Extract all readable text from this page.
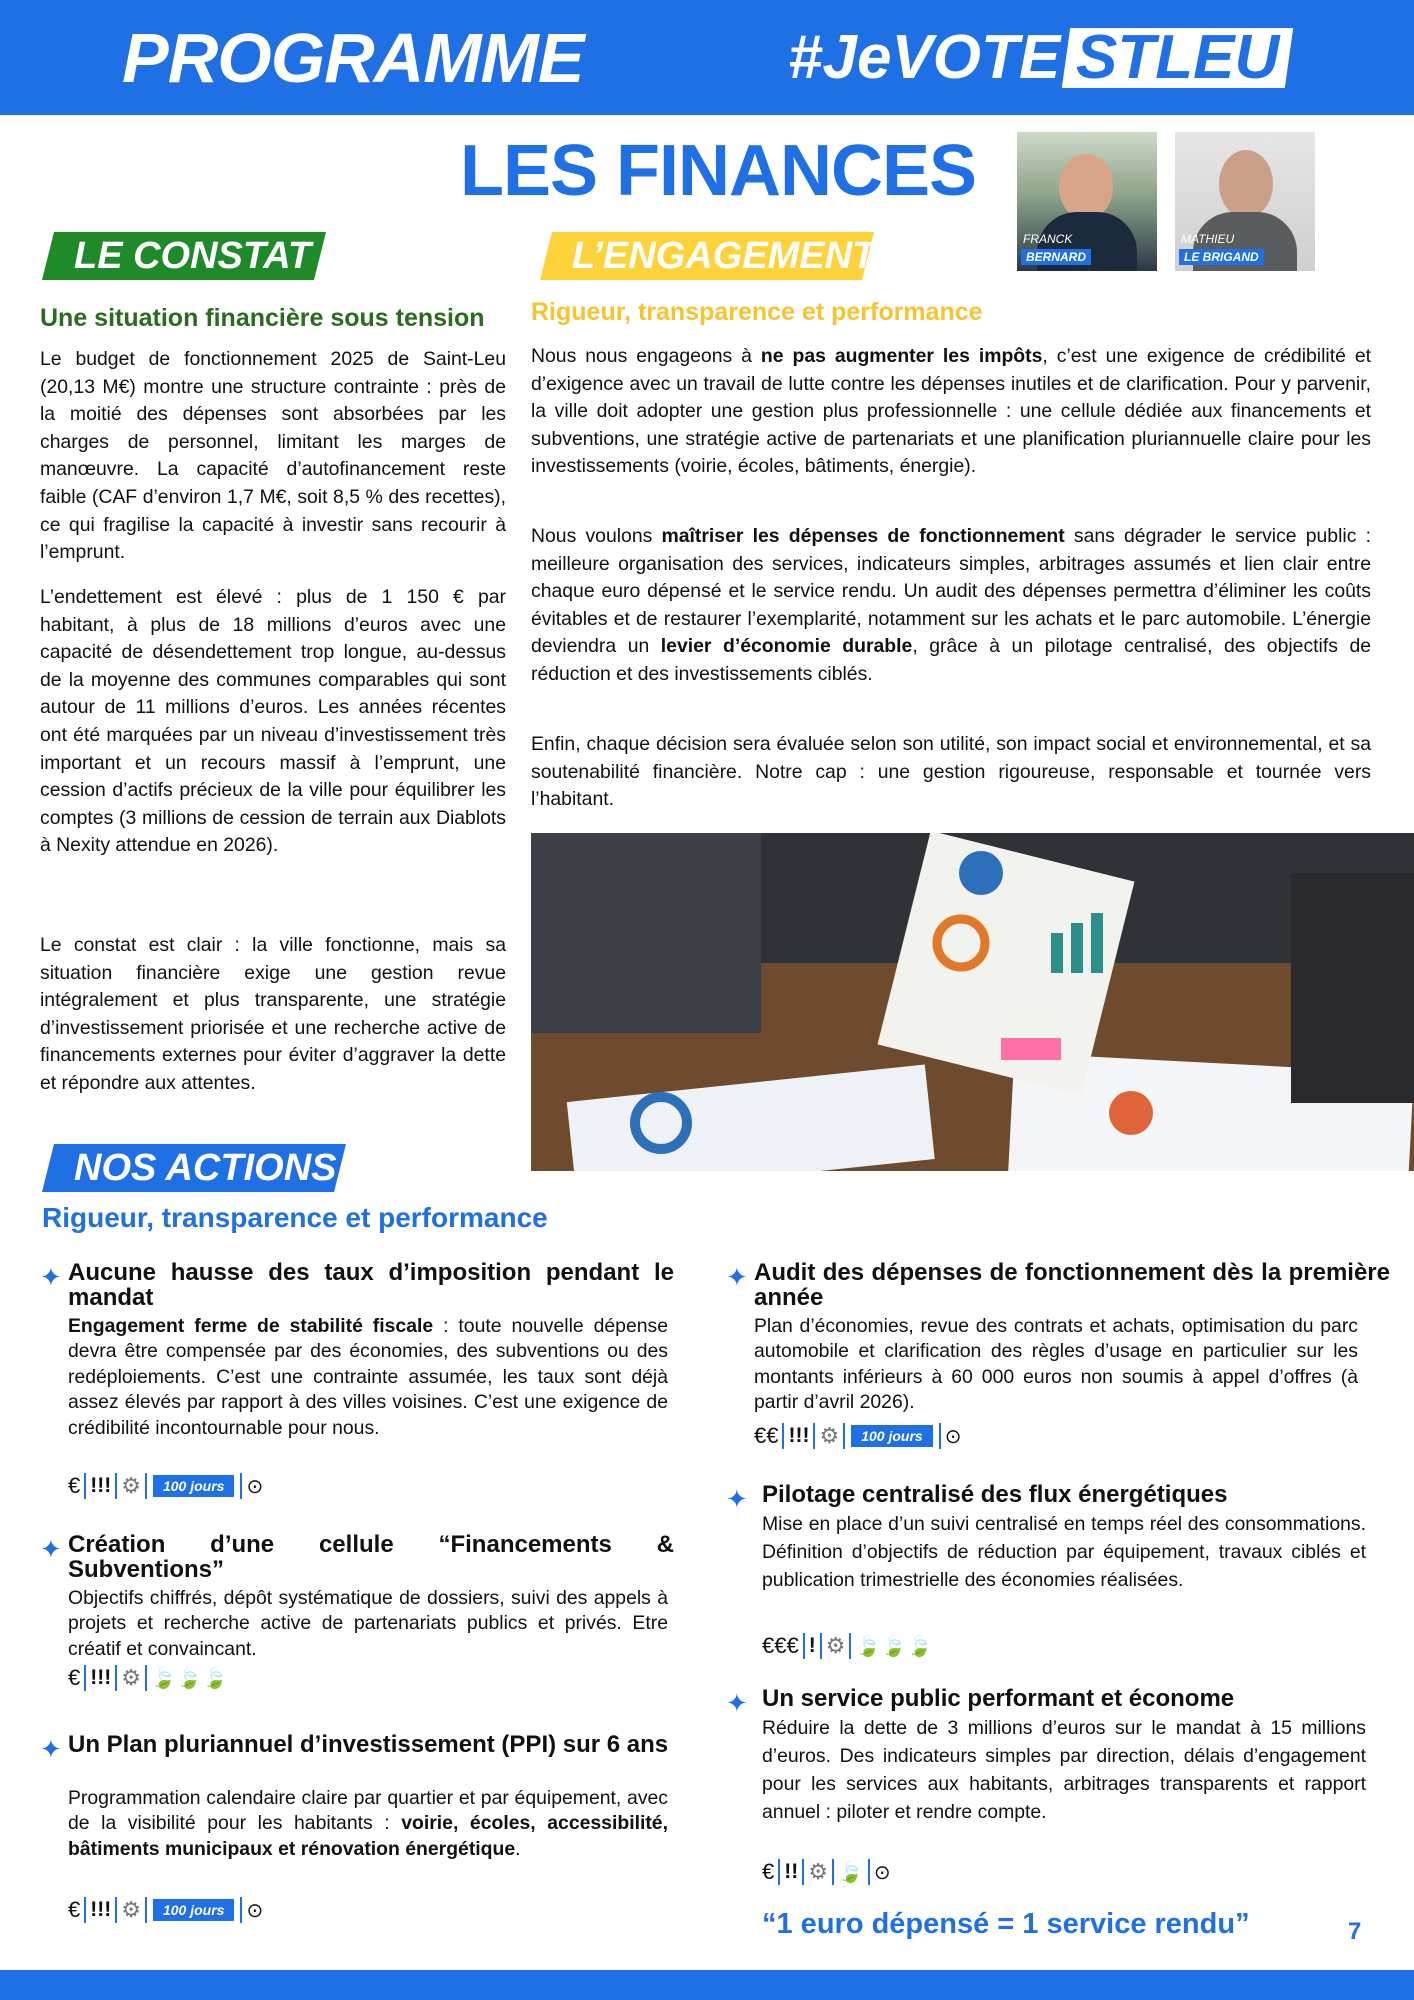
PROGRAMME	#JeVOTE STLEU
LES FINANCES
FRANCK
BERNARD
MATHIEU
LE BRIGAND
LE CONSTAT
Une situation financière sous tension
Le budget de fonctionnement 2025 de Saint-Leu (20,13 M€) montre une structure contrainte : près de la moitié des dépenses sont absorbées par les charges de personnel, limitant les marges de manœuvre. La capacité d’autofinancement reste faible (CAF d’environ 1,7 M€, soit 8,5 % des recettes), ce qui fragilise la capacité à investir sans recourir à l’emprunt.
L’endettement est élevé : plus de 1 150 € par habitant, à plus de 18 millions d’euros avec une capacité de désendettement trop longue, au-dessus de la moyenne des communes comparables qui sont autour de 11 millions d’euros. Les années récentes ont été marquées par un niveau d’investissement très important et un recours massif à l’emprunt, une cession d’actifs précieux de la ville pour équilibrer les comptes (3 millions de cession de terrain aux Diablots à Nexity attendue en 2026).
Le constat est clair : la ville fonctionne, mais sa situation financière exige une gestion revue intégralement et plus transparente, une stratégie d’investissement priorisée et une recherche active de financements externes pour éviter d’aggraver la dette et répondre aux attentes.
L’ENGAGEMENT
Rigueur, transparence et performance
Nous nous engageons à ne pas augmenter les impôts, c’est une exigence de crédibilité et d’exigence avec un travail de lutte contre les dépenses inutiles et de clarification. Pour y parvenir, la ville doit adopter une gestion plus professionnelle : une cellule dédiée aux financements et subventions, une stratégie active de partenariats et une planification pluriannuelle claire pour les investissements (voirie, écoles, bâtiments, énergie).
Nous voulons maîtriser les dépenses de fonctionnement sans dégrader le service public : meilleure organisation des services, indicateurs simples, arbitrages assumés et lien clair entre chaque euro dépensé et le service rendu. Un audit des dépenses permettra d’éliminer les coûts évitables et de restaurer l’exemplarité, notamment sur les achats et le parc automobile. L’énergie deviendra un levier d’économie durable, grâce à un pilotage centralisé, des objectifs de réduction et des investissements ciblés.
Enfin, chaque décision sera évaluée selon son utilité, son impact social et environnemental, et sa soutenabilité financière. Notre cap : une gestion rigoureuse, responsable et tournée vers l’habitant.
NOS ACTIONS
Rigueur, transparence et performance
✦ Aucune hausse des taux d’imposition pendant le mandat
Engagement ferme de stabilité fiscale : toute nouvelle dépense devra être compensée par des économies, des subventions ou des redéploiements. C’est une contrainte assumée, les taux sont déjà assez élevés par rapport à des villes voisines. C’est une exigence de crédibilité incontournable pour nous.
€ !!! ⚙	100 jours	⊙
✦ Création d’une cellule “Financements & Subventions”
Objectifs chiffrés, dépôt systématique de dossiers, suivi des appels à projets et recherche active de partenariats publics et privés. Etre créatif et convaincant.
€ !!! ⚙ 🍃🍃🍃
✦ Un Plan pluriannuel d’investissement (PPI) sur 6 ans
Programmation calendaire claire par quartier et par équipement, avec de la visibilité pour les habitants : voirie, écoles, accessibilité, bâtiments municipaux et rénovation énergétique.
€ !!! ⚙	100 jours	⊙
✦ Audit des dépenses de fonctionnement dès la première année
Plan d’économies, revue des contrats et achats, optimisation du parc automobile et clarification des règles d’usage en particulier sur les montants inférieurs à 60 000 euros non soumis à appel d’offres (à partir d’avril 2026).
€€ !!! ⚙	100 jours	⊙
✦ Pilotage centralisé des flux énergétiques
Mise en place d’un suivi centralisé en temps réel des consommations. Définition d’objectifs de réduction par équipement, travaux ciblés et publication trimestrielle des économies réalisées.
€€€ ! ⚙ 🍃🍃🍃
✦ Un service public performant et économe
Réduire la dette de 3 millions d’euros sur le mandat à 15 millions d’euros. Des indicateurs simples par direction, délais d’engagement pour les services aux habitants, arbitrages transparents et rapport annuel : piloter et rendre compte.
€ !! ⚙ 🍃 ⊙
“1 euro dépensé = 1 service rendu”	7
